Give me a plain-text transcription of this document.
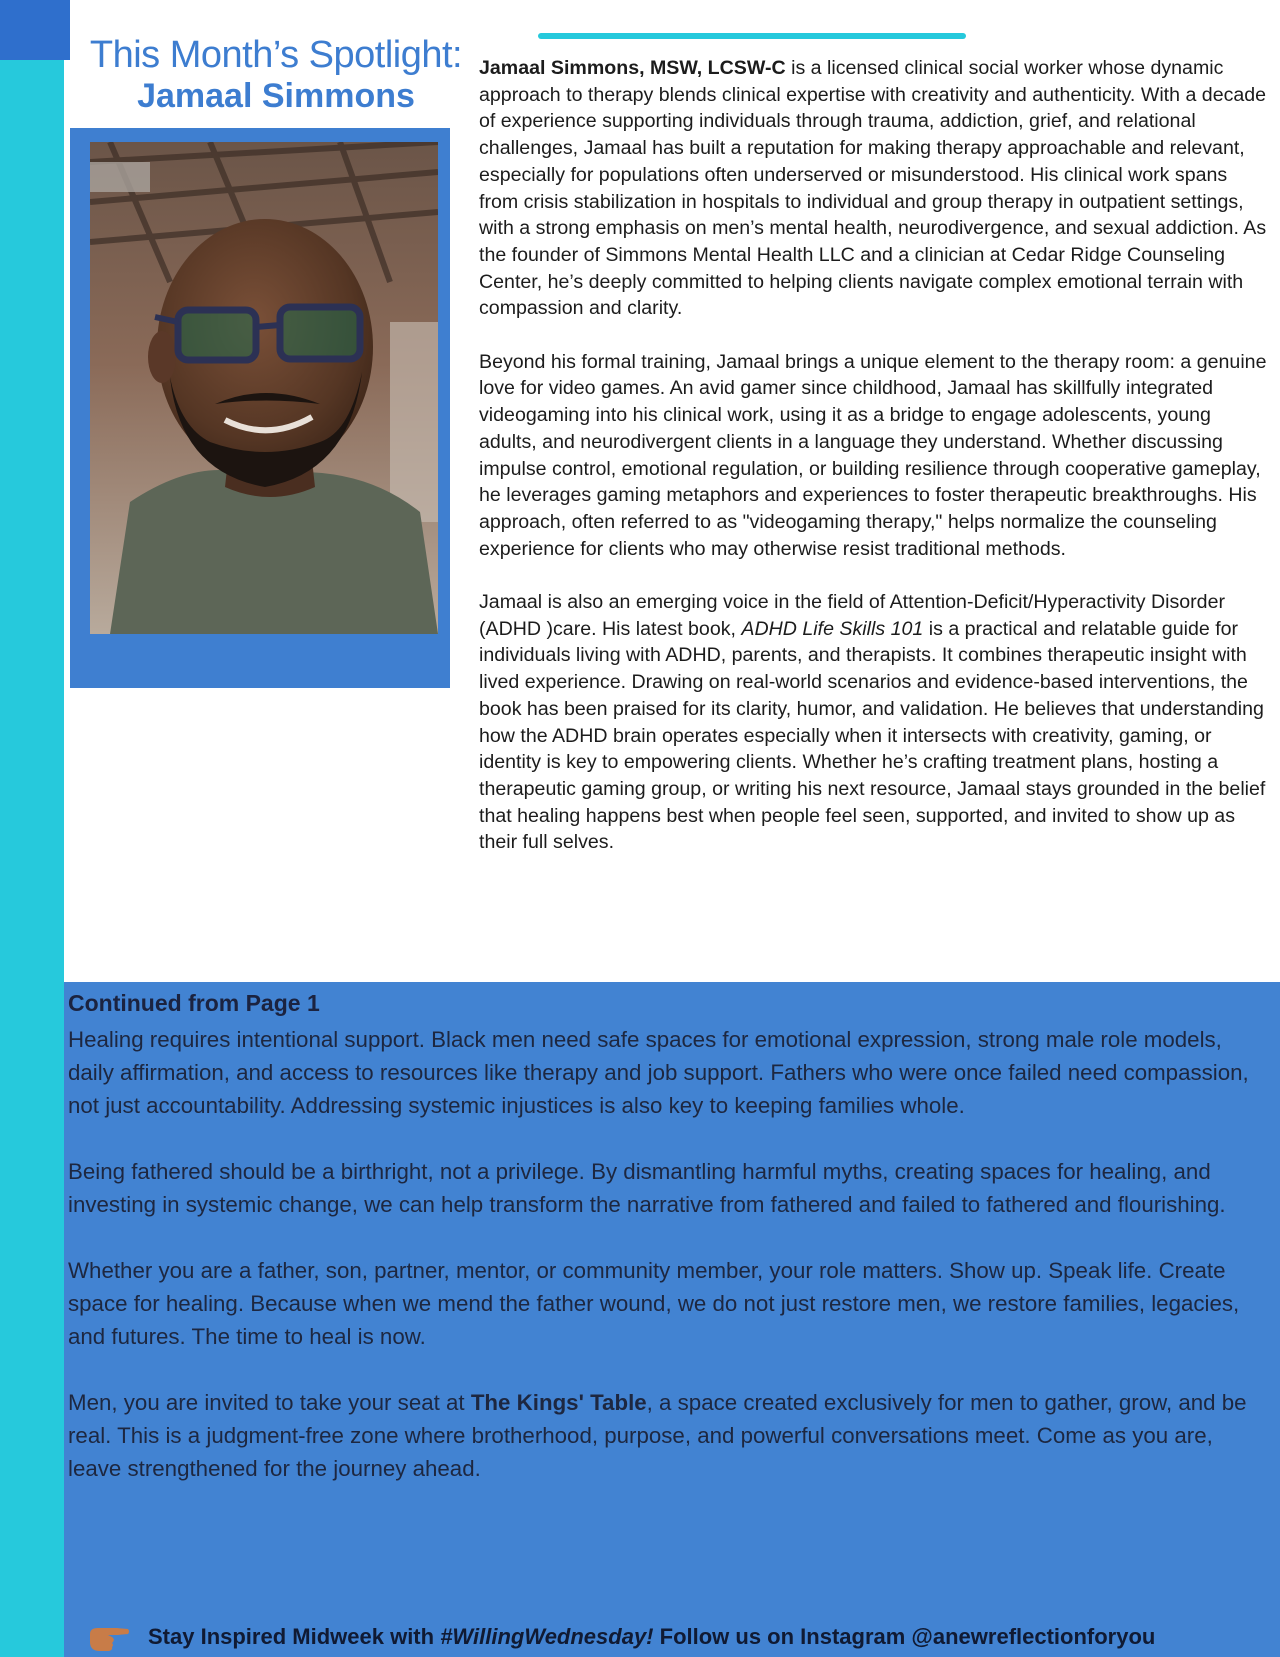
This Month’s Spotlight:
Jamaal Simmons

Jamaal Simmons, MSW, LCSW-C is a licensed clinical social worker whose dynamic approach to therapy blends clinical expertise with creativity and authenticity. With a decade of experience supporting individuals through trauma, addiction, grief, and relational challenges, Jamaal has built a reputation for making therapy approachable and relevant, especially for populations often underserved or misunderstood. His clinical work spans from crisis stabilization in hospitals to individual and group therapy in outpatient settings, with a strong emphasis on men’s mental health, neurodivergence, and sexual addiction. As the founder of Simmons Mental Health LLC and a clinician at Cedar Ridge Counseling Center, he’s deeply committed to helping clients navigate complex emotional terrain with compassion and clarity.

Beyond his formal training, Jamaal brings a unique element to the therapy room: a genuine love for video games. An avid gamer since childhood, Jamaal has skillfully integrated videogaming into his clinical work, using it as a bridge to engage adolescents, young adults, and neurodivergent clients in a language they understand. Whether discussing impulse control, emotional regulation, or building resilience through cooperative gameplay, he leverages gaming metaphors and experiences to foster therapeutic breakthroughs. His approach, often referred to as "videogaming therapy," helps normalize the counseling experience for clients who may otherwise resist traditional methods.

Jamaal is also an emerging voice in the field of Attention-Deficit/Hyperactivity Disorder (ADHD )care. His latest book, ADHD Life Skills 101 is a practical and relatable guide for individuals living with ADHD, parents, and therapists. It combines therapeutic insight with lived experience. Drawing on real-world scenarios and evidence-based interventions, the book has been praised for its clarity, humor, and validation. He believes that understanding how the ADHD brain operates especially when it intersects with creativity, gaming, or identity is key to empowering clients. Whether he’s crafting treatment plans, hosting a therapeutic gaming group, or writing his next resource, Jamaal stays grounded in the belief that healing happens best when people feel seen, supported, and invited to show up as their full selves.

Continued from Page 1

Healing requires intentional support. Black men need safe spaces for emotional expression, strong male role models, daily affirmation, and access to resources like therapy and job support. Fathers who were once failed need compassion, not just accountability. Addressing systemic injustices is also key to keeping families whole.

Being fathered should be a birthright, not a privilege. By dismantling harmful myths, creating spaces for healing, and investing in systemic change, we can help transform the narrative from fathered and failed to fathered and flourishing.

Whether you are a father, son, partner, mentor, or community member, your role matters. Show up. Speak life. Create space for healing. Because when we mend the father wound, we do not just restore men, we restore families, legacies, and futures. The time to heal is now.

Men, you are invited to take your seat at The Kings' Table, a space created exclusively for men to gather, grow, and be real. This is a judgment-free zone where brotherhood, purpose, and powerful conversations meet. Come as you are, leave strengthened for the journey ahead.

Stay Inspired Midweek with #WillingWednesday! Follow us on Instagram @anewreflectionforyou
